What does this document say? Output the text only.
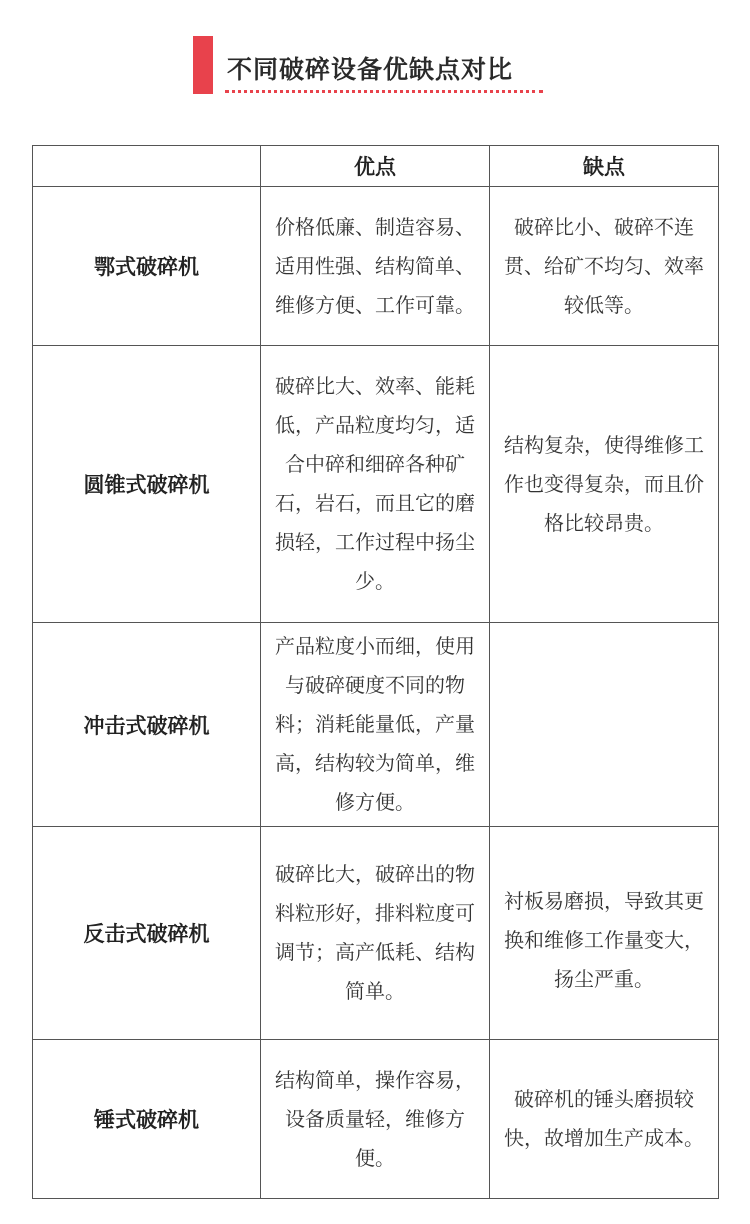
不同破碎设备优缺点对比
	优点	缺点
鄂式破碎机	价格低廉、制造容易、适用性强、结构简单、维修方便、工作可靠。	破碎比小、破碎不连贯、给矿不均匀、效率较低等。
圆锥式破碎机	破碎比大、效率、能耗低，产品粒度均匀，适合中碎和细碎各种矿石，岩石，而且它的磨损轻，工作过程中扬尘少。	结构复杂，使得维修工作也变得复杂，而且价格比较昂贵。
冲击式破碎机	产品粒度小而细，使用与破碎硬度不同的物料；消耗能量低，产量高，结构较为简单，维修方便。	
反击式破碎机	破碎比大，破碎出的物料粒形好，排料粒度可调节；高产低耗、结构简单。	衬板易磨损，导致其更换和维修工作量变大，扬尘严重。
锤式破碎机	结构简单，操作容易，设备质量轻，维修方便。	破碎机的锤头磨损较快，故增加生产成本。
